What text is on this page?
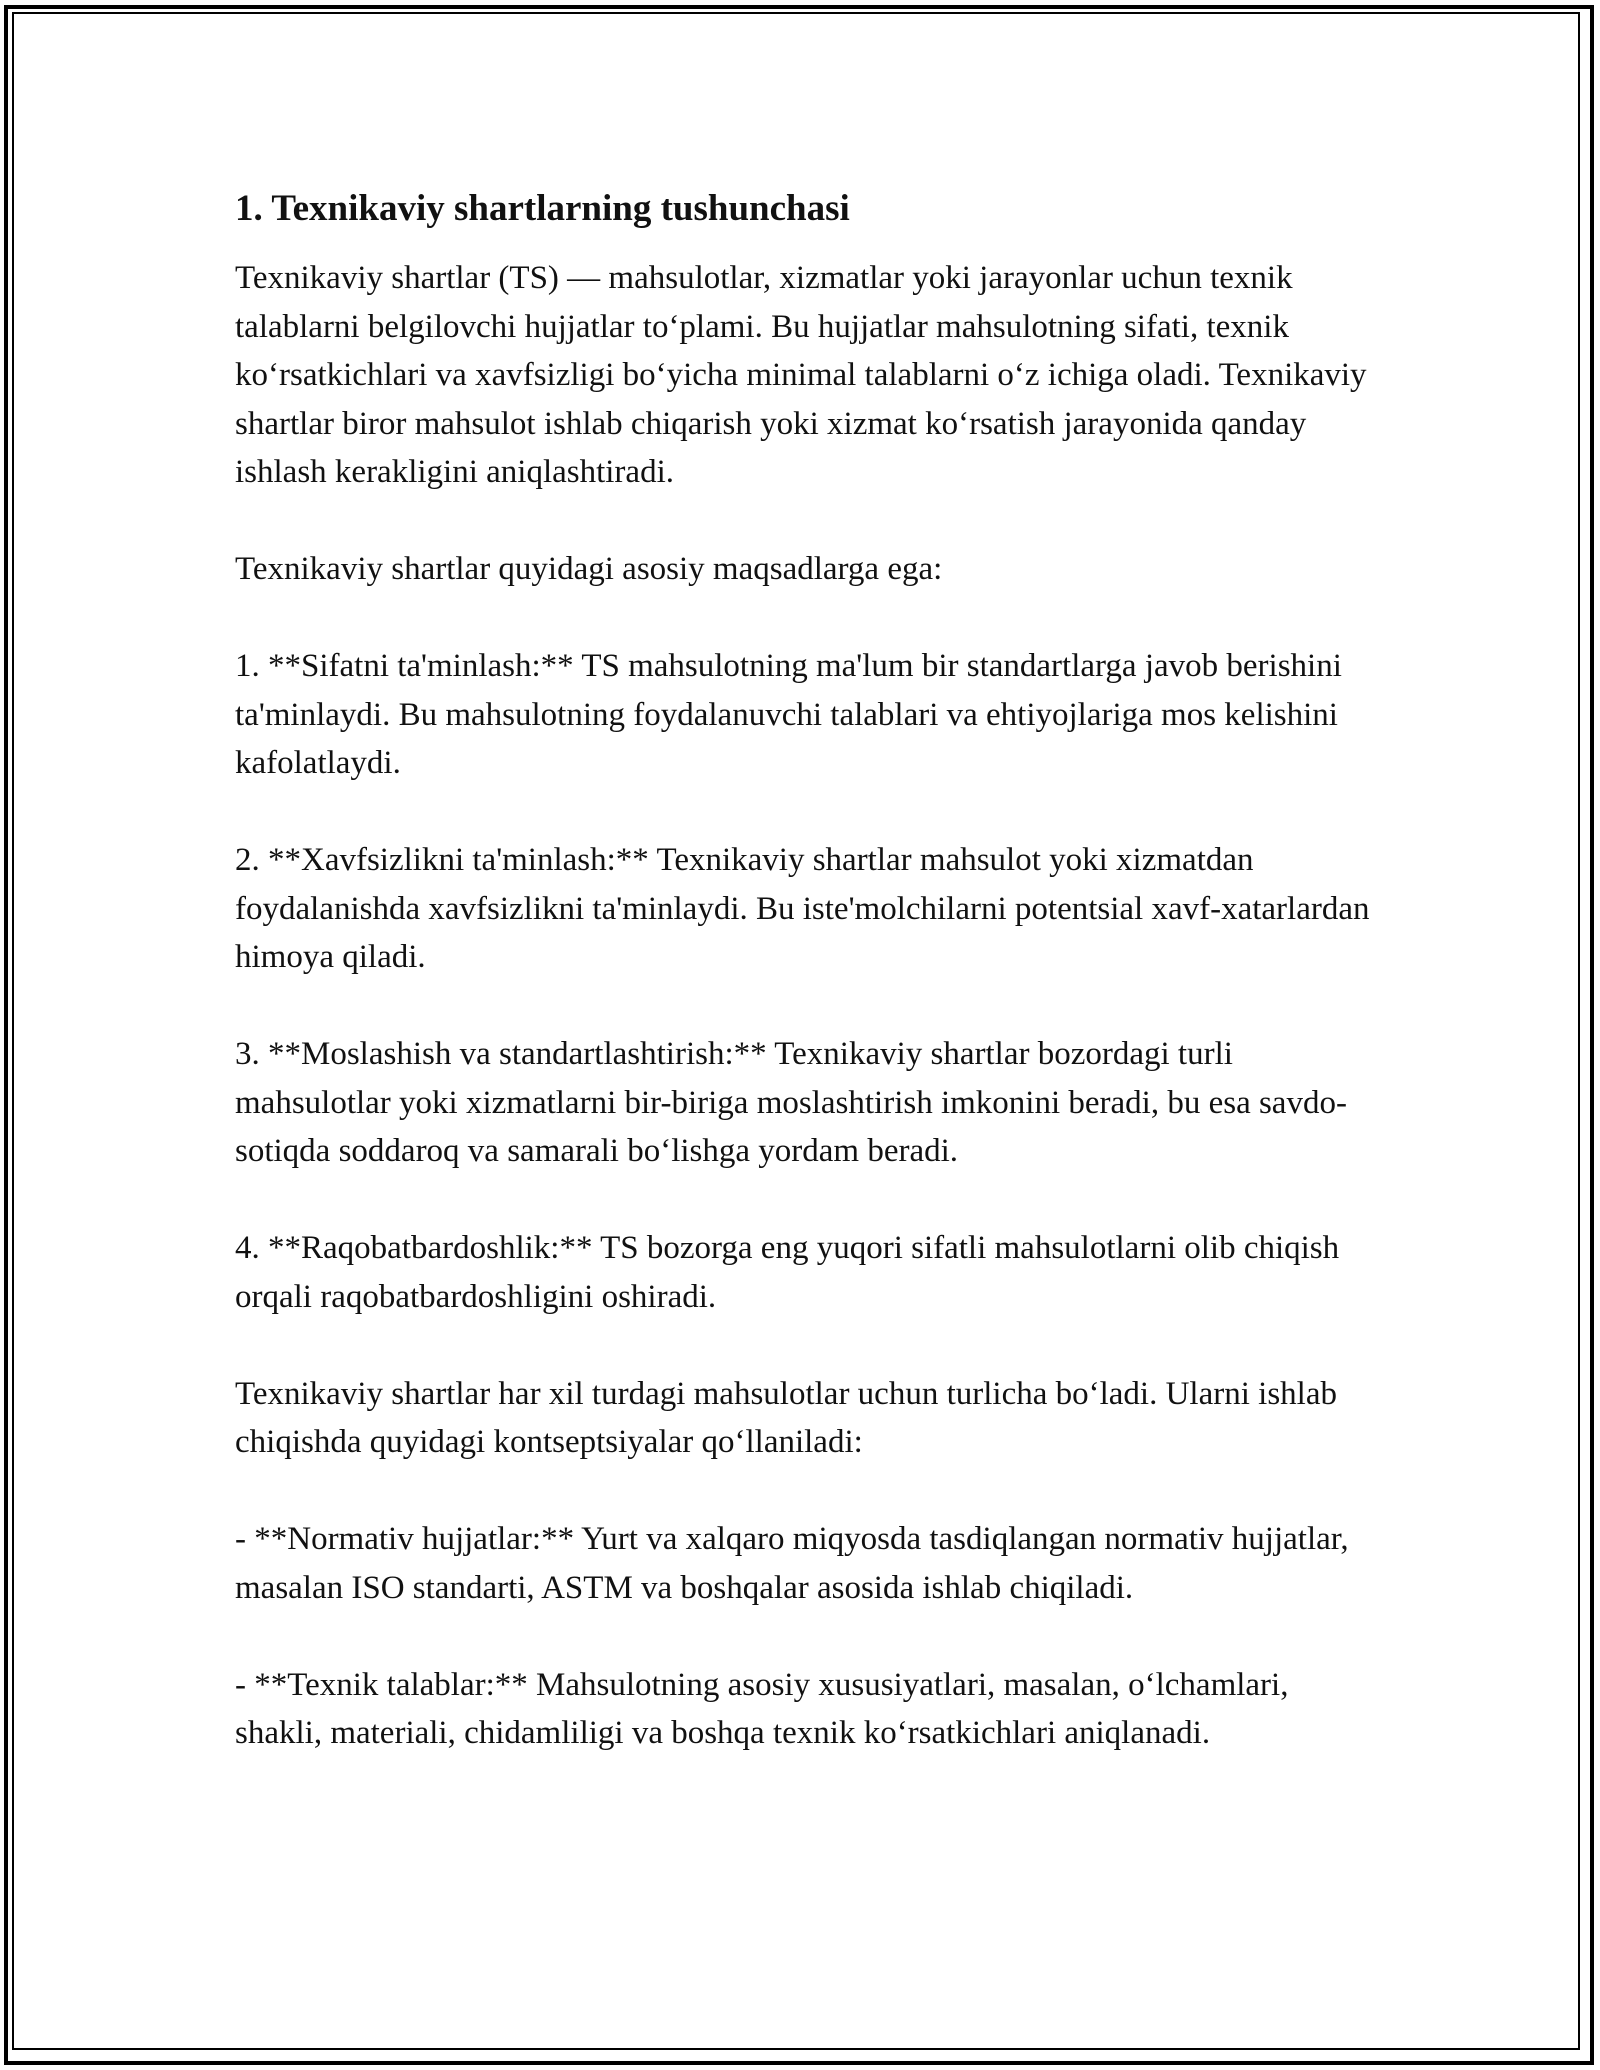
1. Texnikaviy shartlarning tushunchasi

Texnikaviy shartlar (TS) — mahsulotlar, xizmatlar yoki jarayonlar uchun texnik talablarni belgilovchi hujjatlar to‘plami. Bu hujjatlar mahsulotning sifati, texnik ko‘rsatkichlari va xavfsizligi bo‘yicha minimal talablarni o‘z ichiga oladi. Texnikaviy shartlar biror mahsulot ishlab chiqarish yoki xizmat ko‘rsatish jarayonida qanday ishlash kerakligini aniqlashtiradi.

Texnikaviy shartlar quyidagi asosiy maqsadlarga ega:

1. **Sifatni ta'minlash:** TS mahsulotning ma'lum bir standartlarga javob berishini ta'minlaydi. Bu mahsulotning foydalanuvchi talablari va ehtiyojlariga mos kelishini kafolatlaydi.

2. **Xavfsizlikni ta'minlash:** Texnikaviy shartlar mahsulot yoki xizmatdan foydalanishda xavfsizlikni ta'minlaydi. Bu iste'molchilarni potentsial xavf-xatarlardan himoya qiladi.

3. **Moslashish va standartlashtirish:** Texnikaviy shartlar bozordagi turli mahsulotlar yoki xizmatlarni bir-biriga moslashtirish imkonini beradi, bu esa savdo-sotiqda soddaroq va samarali bo‘lishga yordam beradi.

4. **Raqobatbardoshlik:** TS bozorga eng yuqori sifatli mahsulotlarni olib chiqish orqali raqobatbardoshligini oshiradi.

Texnikaviy shartlar har xil turdagi mahsulotlar uchun turlicha bo‘ladi. Ularni ishlab chiqishda quyidagi kontseptsiyalar qo‘llaniladi:

- **Normativ hujjatlar:** Yurt va xalqaro miqyosda tasdiqlangan normativ hujjatlar, masalan ISO standarti, ASTM va boshqalar asosida ishlab chiqiladi.

- **Texnik talablar:** Mahsulotning asosiy xususiyatlari, masalan, o‘lchamlari, shakli, materiali, chidamliligi va boshqa texnik ko‘rsatkichlari aniqlanadi.
